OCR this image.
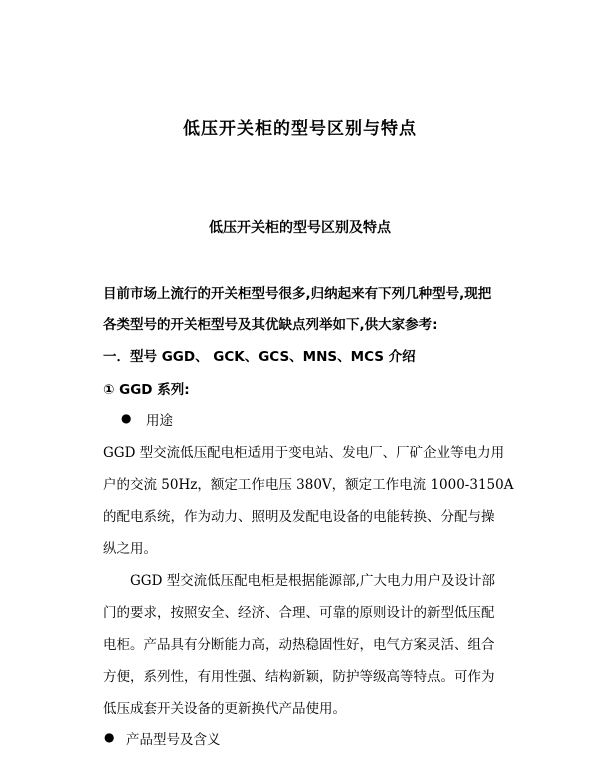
低压开关柜的型号区别与特点
低压开关柜的型号区别及特点
目前市场上流行的开关柜型号很多,归纳起来有下列几种型号,现把
各类型号的开关柜型号及其优缺点列举如下,供大家参考:
一．型号 GGD、 GCK、GCS、MNS、MCS 介绍
① GGD 系列:
● 用途
GGD 型交流低压配电柜适用于变电站、发电厂、厂矿企业等电力用
户的交流 50Hz，额定工作电压 380V，额定工作电流 1000-3150A
的配电系统，作为动力、照明及发配电设备的电能转换、分配与操
纵之用。
GGD 型交流低压配电柜是根据能源部,广大电力用户及设计部
门的要求，按照安全、经济、合理、可靠的原则设计的新型低压配
电柜。产品具有分断能力高，动热稳固性好，电气方案灵活、组合
方便，系列性，有用性强、结构新颖，防护等级高等特点。可作为
低压成套开关设备的更新换代产品使用。
● 产品型号及含义
